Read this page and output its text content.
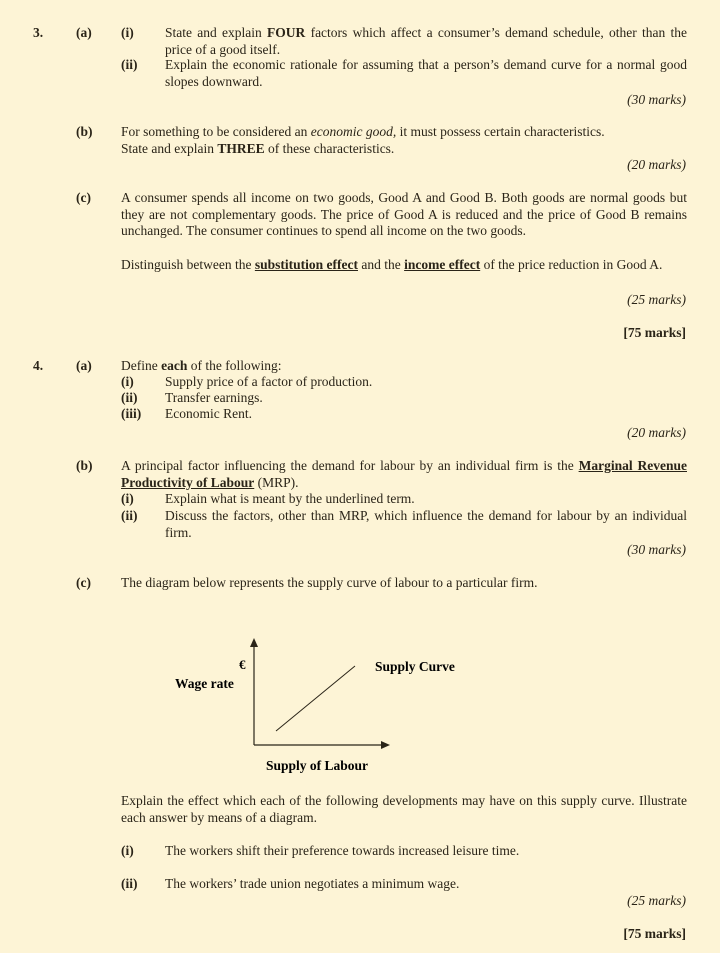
3. (a) (i) State and explain FOUR factors which affect a consumer’s demand schedule, other than the price of a good itself.
(ii) Explain the economic rationale for assuming that a person’s demand curve for a normal good slopes downward.
(30 marks)
(b) For something to be considered an economic good, it must possess certain characteristics.
State and explain THREE of these characteristics.
(20 marks)
(c) A consumer spends all income on two goods, Good A and Good B. Both goods are normal goods but they are not complementary goods. The price of Good A is reduced and the price of Good B remains unchanged. The consumer continues to spend all income on the two goods.
Distinguish between the substitution effect and the income effect of the price reduction in Good A.
(25 marks)
[75 marks]
4. (a) Define each of the following:
(i) Supply price of a factor of production.
(ii) Transfer earnings.
(iii) Economic Rent.
(20 marks)
(b) A principal factor influencing the demand for labour by an individual firm is the Marginal Revenue Productivity of Labour (MRP).
(i) Explain what is meant by the underlined term.
(ii) Discuss the factors, other than MRP, which influence the demand for labour by an individual firm.
(30 marks)
(c) The diagram below represents the supply curve of labour to a particular firm.
€
Wage rate
Supply Curve
Supply of Labour
Explain the effect which each of the following developments may have on this supply curve. Illustrate each answer by means of a diagram.
(i) The workers shift their preference towards increased leisure time.
(ii) The workers’ trade union negotiates a minimum wage.
(25 marks)
[75 marks]
